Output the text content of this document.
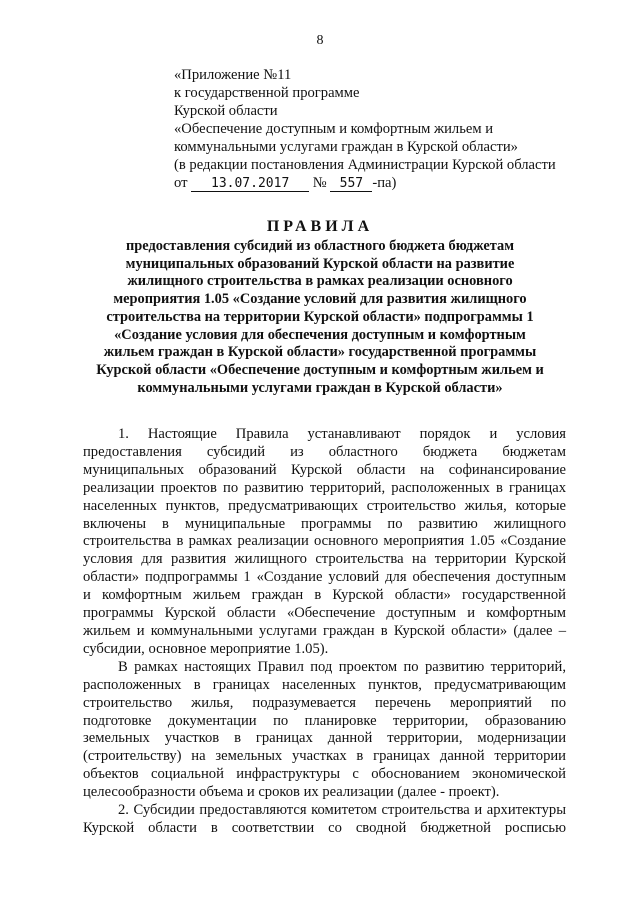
8
«Приложение №11
к государственной программе
Курской области
«Обеспечение доступным и комфортным жильем и
коммунальными услугами граждан в Курской области»
(в редакции постановления Администрации Курской области
от 13.07.2017 № 557 -па)
ПРАВИЛА
предоставления субсидий из областного бюджета бюджетам
муниципальных образований Курской области на развитие
жилищного строительства в рамках реализации основного
мероприятия 1.05 «Создание условий для развития жилищного
строительства на территории Курской области» подпрограммы 1
«Создание условия для обеспечения доступным и комфортным
жильем граждан в Курской области» государственной программы
Курской области «Обеспечение доступным и комфортным жильем и
коммунальными услугами граждан в Курской области»
1. Настоящие Правила устанавливают порядок и условия
предоставления субсидий из областного бюджета бюджетам
муниципальных образований Курской области на софинансирование
реализации проектов по развитию территорий, расположенных в границах
населенных пунктов, предусматривающих строительство жилья, которые
включены в муниципальные программы по развитию жилищного
строительства в рамках реализации основного мероприятия 1.05 «Создание
условия для развития жилищного строительства на территории Курской
области» подпрограммы 1 «Создание условий для обеспечения доступным
и комфортным жильем граждан в Курской области» государственной
программы Курской области «Обеспечение доступным и комфортным
жильем и коммунальными услугами граждан в Курской области» (далее –
субсидии, основное мероприятие 1.05).
В рамках настоящих Правил под проектом по развитию территорий,
расположенных в границах населенных пунктов, предусматривающим
строительство жилья, подразумевается перечень мероприятий по
подготовке документации по планировке территории, образованию
земельных участков в границах данной территории, модернизации
(строительству) на земельных участках в границах данной территории
объектов социальной инфраструктуры с обоснованием экономической
целесообразности объема и сроков их реализации (далее - проект).
2. Субсидии предоставляются комитетом строительства и архитектуры
Курской области в соответствии со сводной бюджетной росписью
